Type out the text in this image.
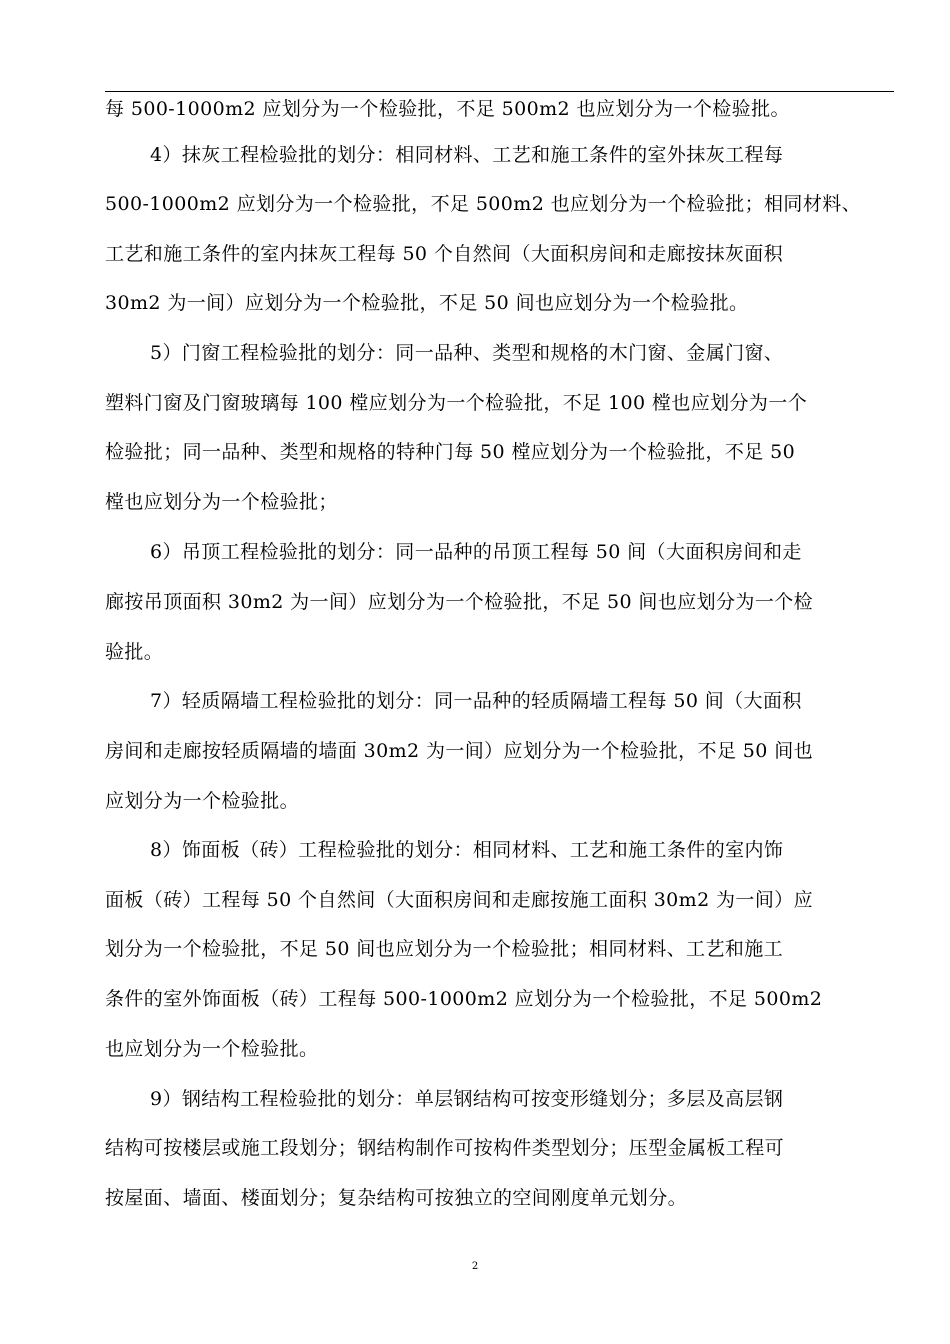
每 500-1000m2 应划分为一个检验批，不足 500m2 也应划分为一个检验批。
4）抹灰工程检验批的划分：相同材料、工艺和施工条件的室外抹灰工程每
500-1000m2 应划分为一个检验批，不足 500m2 也应划分为一个检验批；相同材料、
工艺和施工条件的室内抹灰工程每 50 个自然间（大面积房间和走廊按抹灰面积
30m2 为一间）应划分为一个检验批，不足 50 间也应划分为一个检验批。
5）门窗工程检验批的划分：同一品种、类型和规格的木门窗、金属门窗、
塑料门窗及门窗玻璃每 100 樘应划分为一个检验批，不足 100 樘也应划分为一个
检验批；同一品种、类型和规格的特种门每 50 樘应划分为一个检验批，不足 50
樘也应划分为一个检验批；
6）吊顶工程检验批的划分：同一品种的吊顶工程每 50 间（大面积房间和走
廊按吊顶面积 30m2 为一间）应划分为一个检验批，不足 50 间也应划分为一个检
验批。
7）轻质隔墙工程检验批的划分：同一品种的轻质隔墙工程每 50 间（大面积
房间和走廊按轻质隔墙的墙面 30m2 为一间）应划分为一个检验批，不足 50 间也
应划分为一个检验批。
8）饰面板（砖）工程检验批的划分：相同材料、工艺和施工条件的室内饰
面板（砖）工程每 50 个自然间（大面积房间和走廊按施工面积 30m2 为一间）应
划分为一个检验批，不足 50 间也应划分为一个检验批；相同材料、工艺和施工
条件的室外饰面板（砖）工程每 500-1000m2 应划分为一个检验批，不足 500m2
也应划分为一个检验批。
9）钢结构工程检验批的划分：单层钢结构可按变形缝划分；多层及高层钢
结构可按楼层或施工段划分；钢结构制作可按构件类型划分；压型金属板工程可
按屋面、墙面、楼面划分；复杂结构可按独立的空间刚度单元划分。
2
